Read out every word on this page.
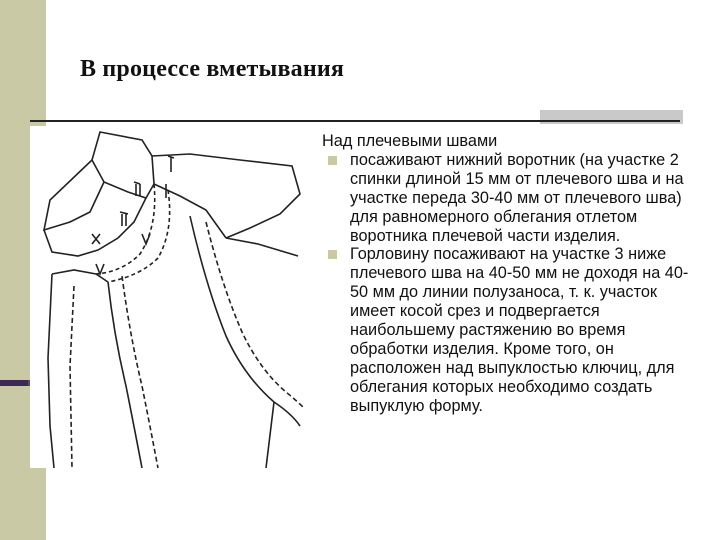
В процессе вметывания
Над плечевыми швами
посаживают нижний воротник (на участке 2 спинки длиной 15 мм от плечевого шва и на участке переда 30-40 мм от плечевого шва) для равномерного облегания отлетом воротника плечевой части изделия.
Горловину посаживают на участке 3 ниже плечевого шва на 40-50 мм не доходя на 40-50 мм до линии полузаноса, т. к. участок имеет косой срез и подвергается наибольшему растяжению во время обработки изделия. Кроме того, он расположен над выпуклостью ключиц, для облегания которых необходимо создать выпуклую форму.
